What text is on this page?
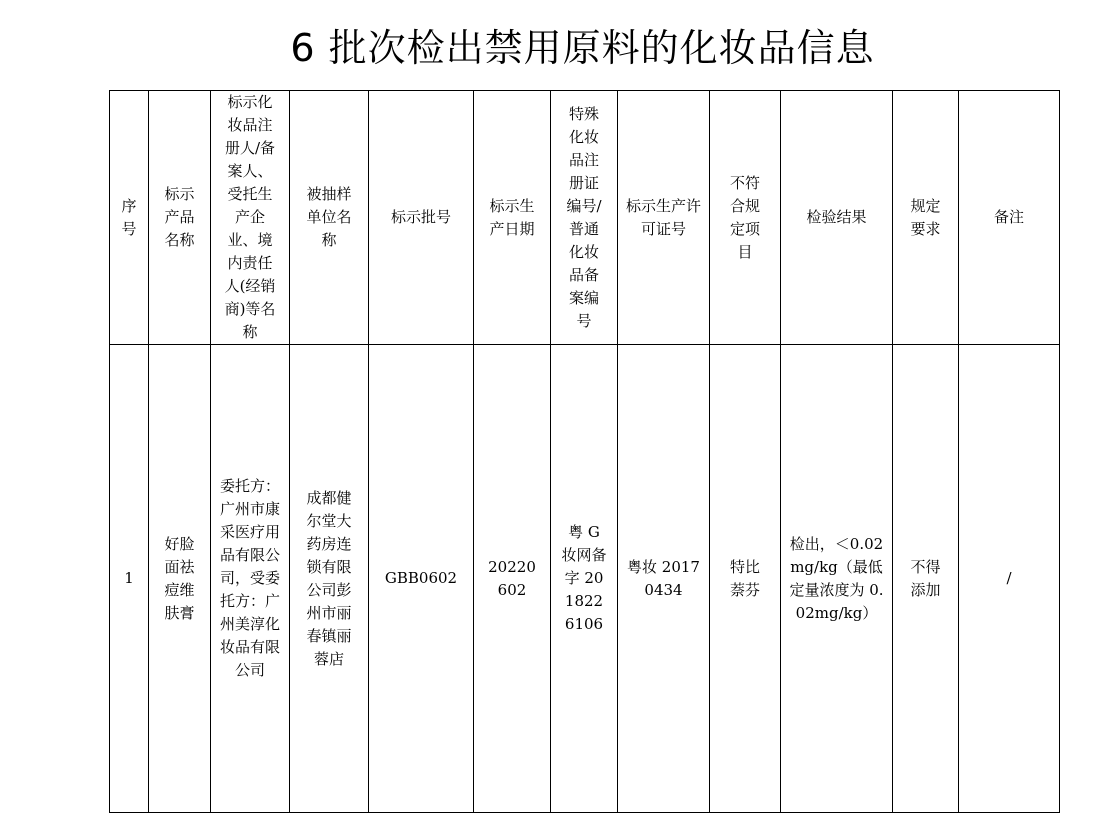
6 批次检出禁用原料的化妆品信息
序号	标示产品名称	标示化妆品注册人/备案人、受托生产企业、境内责任人(经销商)等名称	被抽样单位名称	标示批号	标示生产日期	特殊化妆品注册证编号/普通化妆品备案编号	标示生产许可证号	不符合规定项目	检验结果	规定要求	备注
1	好脸面祛痘维肤膏	委托方：广州市康采医疗用品有限公司，受委托方：广州美淳化妆品有限公司	成都健尔堂大药房连锁有限公司彭州市丽春镇丽蓉店	GBB0602	20220602	粤 G 妆网备字 2018226106	粤妆 20170434	特比萘芬	检出，＜0.02mg/kg（最低定量浓度为 0.02mg/kg）	不得添加	/
